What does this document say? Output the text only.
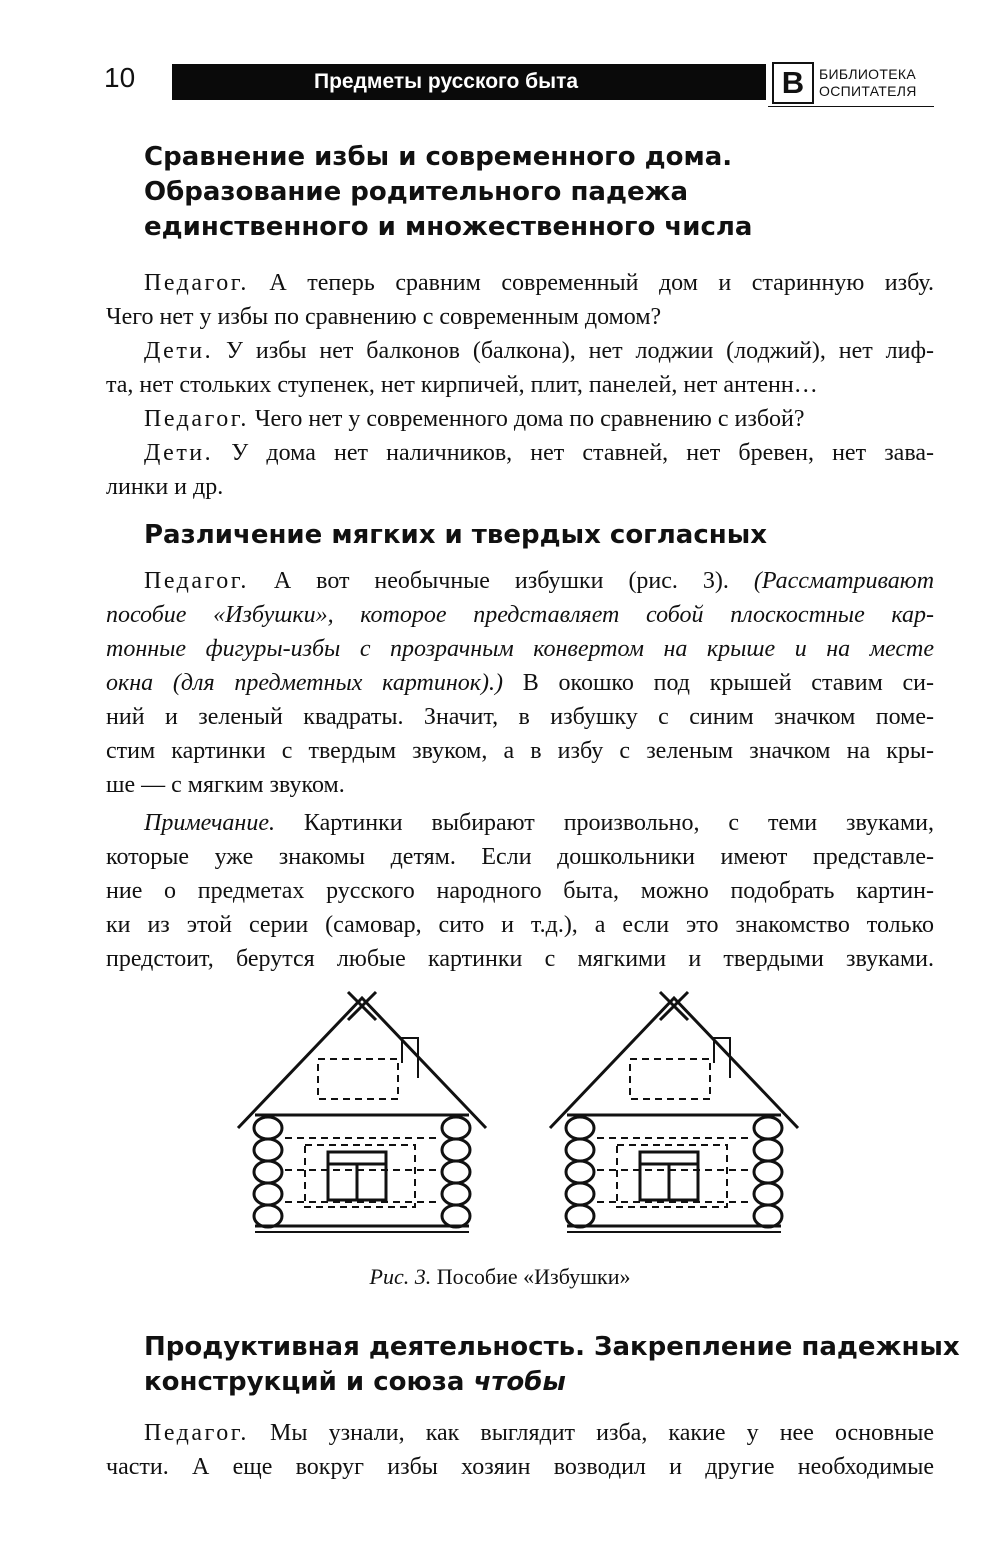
10	Предметы русского быта	В	БИБЛИОТЕКА
ОСПИТАТЕЛЯ
Сравнение избы и современного дома.
Образование родительного падежа
единственного и множественного числа
Педагог. А теперь сравним современный дом и старинную избу.
Чего нет у избы по сравнению с современным домом?
Дети. У избы нет балконов (балкона), нет лоджии (лоджий), нет лиф-
та, нет стольких ступенек, нет кирпичей, плит, панелей, нет антенн…
Педагог. Чего нет у современного дома по сравнению с избой?
Дети. У дома нет наличников, нет ставней, нет бревен, нет зава-
линки и др.
Различение мягких и твердых согласных
Педагог. А вот необычные избушки (рис. 3). (Рассматривают
пособие «Избушки», которое представляет собой плоскостные кар-
тонные фигуры-избы с прозрачным конвертом на крыше и на месте
окна (для предметных картинок).) В окошко под крышей ставим си-
ний и зеленый квадраты. Значит, в избушку с синим значком поме-
стим картинки с твердым звуком, а в избу с зеленым значком на кры-
ше — с мягким звуком.
Примечание. Картинки выбирают произвольно, с теми звуками,
которые уже знакомы детям. Если дошкольники имеют представле-
ние о предметах русского народного быта, можно подобрать картин-
ки из этой серии (самовар, сито и т.д.), а если это знакомство только
предстоит, берутся любые картинки с мягкими и твердыми звуками.
Рис. 3. Пособие «Избушки»
Продуктивная деятельность. Закрепление падежных
конструкций и союза чтобы
Педагог. Мы узнали, как выглядит изба, какие у нее основные
части. А еще вокруг избы хозяин возводил и другие необходимые
